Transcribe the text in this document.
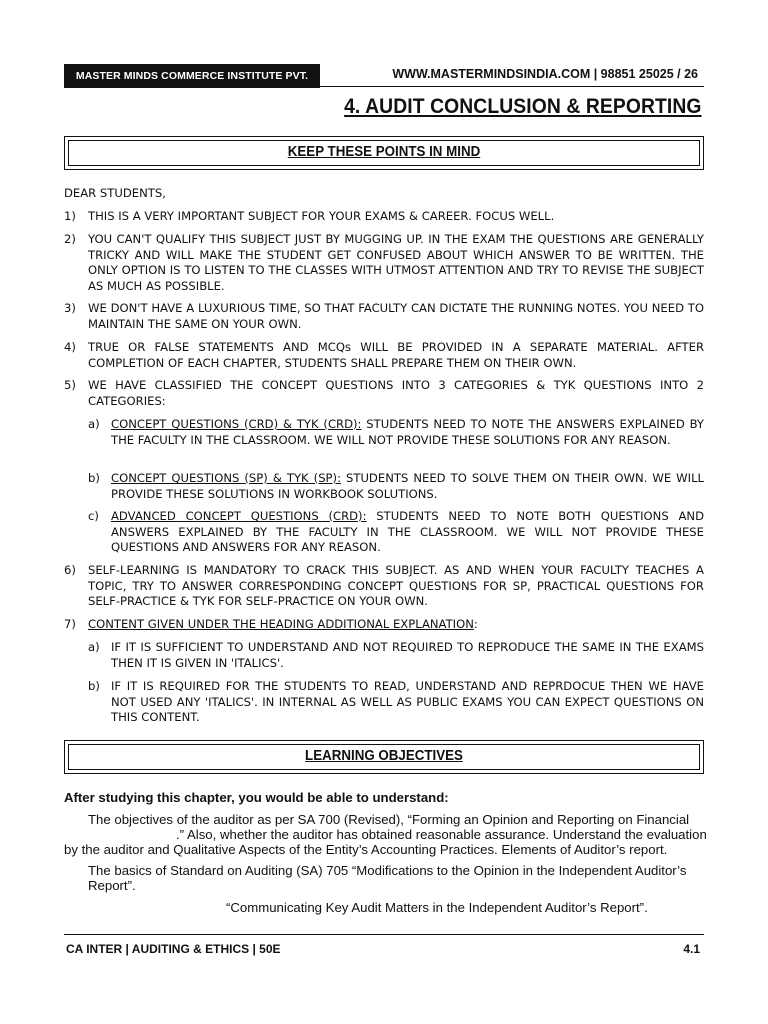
MASTER MINDS COMMERCE INSTITUTE PVT. LTD.
WWW.MASTERMINDSINDIA.COM | 98851 25025 / 26
4. AUDIT CONCLUSION & REPORTING
KEEP THESE POINTS IN MIND
DEAR STUDENTS,
1) THIS IS A VERY IMPORTANT SUBJECT FOR YOUR EXAMS & CAREER. FOCUS WELL.
2) YOU CAN'T QUALIFY THIS SUBJECT JUST BY MUGGING UP. IN THE EXAM THE QUESTIONS ARE GENERALLY TRICKY AND WILL MAKE THE STUDENT GET CONFUSED ABOUT WHICH ANSWER TO BE WRITTEN. THE ONLY OPTION IS TO LISTEN TO THE CLASSES WITH UTMOST ATTENTION AND TRY TO REVISE THE SUBJECT AS MUCH AS POSSIBLE.
3) WE DON'T HAVE A LUXURIOUS TIME, SO THAT FACULTY CAN DICTATE THE RUNNING NOTES. YOU NEED TO MAINTAIN THE SAME ON YOUR OWN.
4) TRUE OR FALSE STATEMENTS AND MCQs WILL BE PROVIDED IN A SEPARATE MATERIAL. AFTER COMPLETION OF EACH CHAPTER, STUDENTS SHALL PREPARE THEM ON THEIR OWN.
5) WE HAVE CLASSIFIED THE CONCEPT QUESTIONS INTO 3 CATEGORIES & TYK QUESTIONS INTO 2 CATEGORIES:
a) CONCEPT QUESTIONS (CRD) & TYK (CRD): STUDENTS NEED TO NOTE THE ANSWERS EXPLAINED BY THE FACULTY IN THE CLASSROOM. WE WILL NOT PROVIDE THESE SOLUTIONS FOR ANY REASON.
b) CONCEPT QUESTIONS (SP) & TYK (SP): STUDENTS NEED TO SOLVE THEM ON THEIR OWN. WE WILL PROVIDE THESE SOLUTIONS IN WORKBOOK SOLUTIONS.
c) ADVANCED CONCEPT QUESTIONS (CRD): STUDENTS NEED TO NOTE BOTH QUESTIONS AND ANSWERS EXPLAINED BY THE FACULTY IN THE CLASSROOM. WE WILL NOT PROVIDE THESE QUESTIONS AND ANSWERS FOR ANY REASON.
6) SELF-LEARNING IS MANDATORY TO CRACK THIS SUBJECT. AS AND WHEN YOUR FACULTY TEACHES A TOPIC, TRY TO ANSWER CORRESPONDING CONCEPT QUESTIONS FOR SP, PRACTICAL QUESTIONS FOR SELF-PRACTICE & TYK FOR SELF-PRACTICE ON YOUR OWN.
7) CONTENT GIVEN UNDER THE HEADING ADDITIONAL EXPLANATION:
a) IF IT IS SUFFICIENT TO UNDERSTAND AND NOT REQUIRED TO REPRODUCE THE SAME IN THE EXAMS THEN IT IS GIVEN IN 'ITALICS'.
b) IF IT IS REQUIRED FOR THE STUDENTS TO READ, UNDERSTAND AND REPRDOCUE THEN WE HAVE NOT USED ANY 'ITALICS'. IN INTERNAL AS WELL AS PUBLIC EXAMS YOU CAN EXPECT QUESTIONS ON THIS CONTENT.
LEARNING OBJECTIVES
After studying this chapter, you would be able to understand:
The objectives of the auditor as per SA 700 (Revised), “Forming an Opinion and Reporting on Financial
.” Also, whether the auditor has obtained reasonable assurance. Understand the evaluation
by the auditor and Qualitative Aspects of the Entity’s Accounting Practices. Elements of Auditor’s report.
The basics of Standard on Auditing (SA) 705 “Modifications to the Opinion in the Independent Auditor’s
Report”.
“Communicating Key Audit Matters in the Independent Auditor’s Report”.
CA INTER | AUDITING & ETHICS | 50E	4.1
